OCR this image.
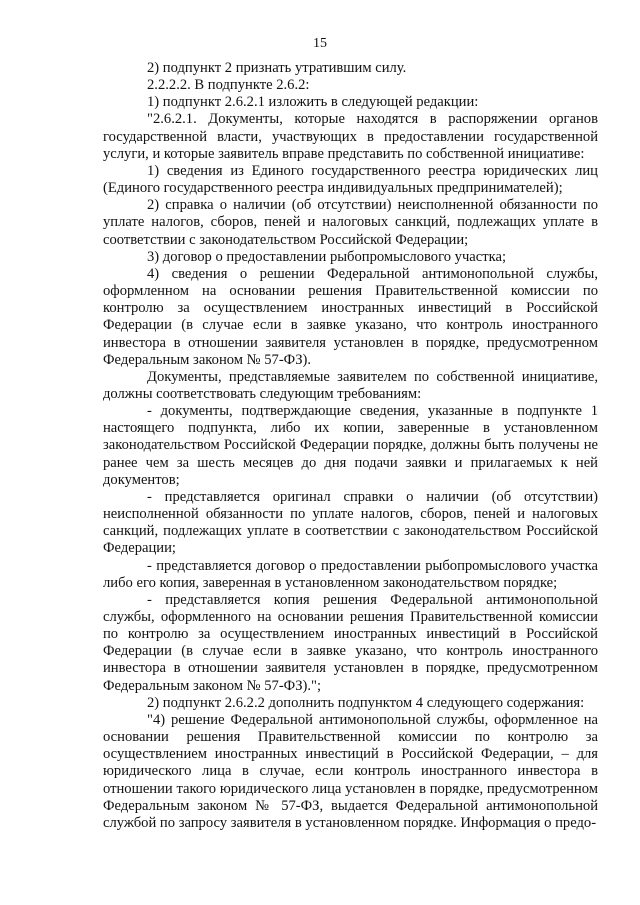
15

2) подпункт 2 признать утратившим силу.

2.2.2.2. В подпункте 2.6.2:

1) подпункт 2.6.2.1 изложить в следующей редакции:

"2.6.2.1. Документы, которые находятся в распоряжении органов государственной власти, участвующих в предоставлении государственной услуги, и которые заявитель вправе представить по собственной инициативе:

1) сведения из Единого государственного реестра юридических лиц (Единого государственного реестра индивидуальных предпринимателей);

2) справка о наличии (об отсутствии) неисполненной обязанности по уплате налогов, сборов, пеней и налоговых санкций, подлежащих уплате в соответствии с законодательством Российской Федерации;

3) договор о предоставлении рыбопромыслового участка;

4) сведения о решении Федеральной антимонопольной службы, оформленном на основании решения Правительственной комиссии по контролю за осуществлением иностранных инвестиций в Российской Федерации (в случае если в заявке указано, что контроль иностранного инвестора в отношении заявителя установлен в порядке, предусмотренном Федеральным законом № 57-ФЗ).

Документы, представляемые заявителем по собственной инициативе, должны соответствовать следующим требованиям:

- документы, подтверждающие сведения, указанные в подпункте 1 настоящего подпункта, либо их копии, заверенные в установленном законодательством Российской Федерации порядке, должны быть получены не ранее чем за шесть месяцев до дня подачи заявки и прилагаемых к ней документов;

- представляется оригинал справки о наличии (об отсутствии) неисполненной обязанности по уплате налогов, сборов, пеней и налоговых санкций, подлежащих уплате в соответствии с законодательством Российской Федерации;

- представляется договор о предоставлении рыбопромыслового участка либо его копия, заверенная в установленном законодательством порядке;

- представляется копия решения Федеральной антимонопольной службы, оформленного на основании решения Правительственной комиссии по контролю за осуществлением иностранных инвестиций в Российской Федерации (в случае если в заявке указано, что контроль иностранного инвестора в отношении заявителя установлен в порядке, предусмотренном Федеральным законом № 57-ФЗ).";

2) подпункт 2.6.2.2 дополнить подпунктом 4 следующего содержания:

"4) решение Федеральной антимонопольной службы, оформленное на основании решения Правительственной комиссии по контролю за осуществлением иностранных инвестиций в Российской Федерации, – для юридического лица в случае, если контроль иностранного инвестора в отношении такого юридического лица установлен в порядке, предусмотренном Федеральным законом № 57-ФЗ, выдается Федеральной антимонопольной службой по запросу заявителя в установленном порядке. Информация о предо-
